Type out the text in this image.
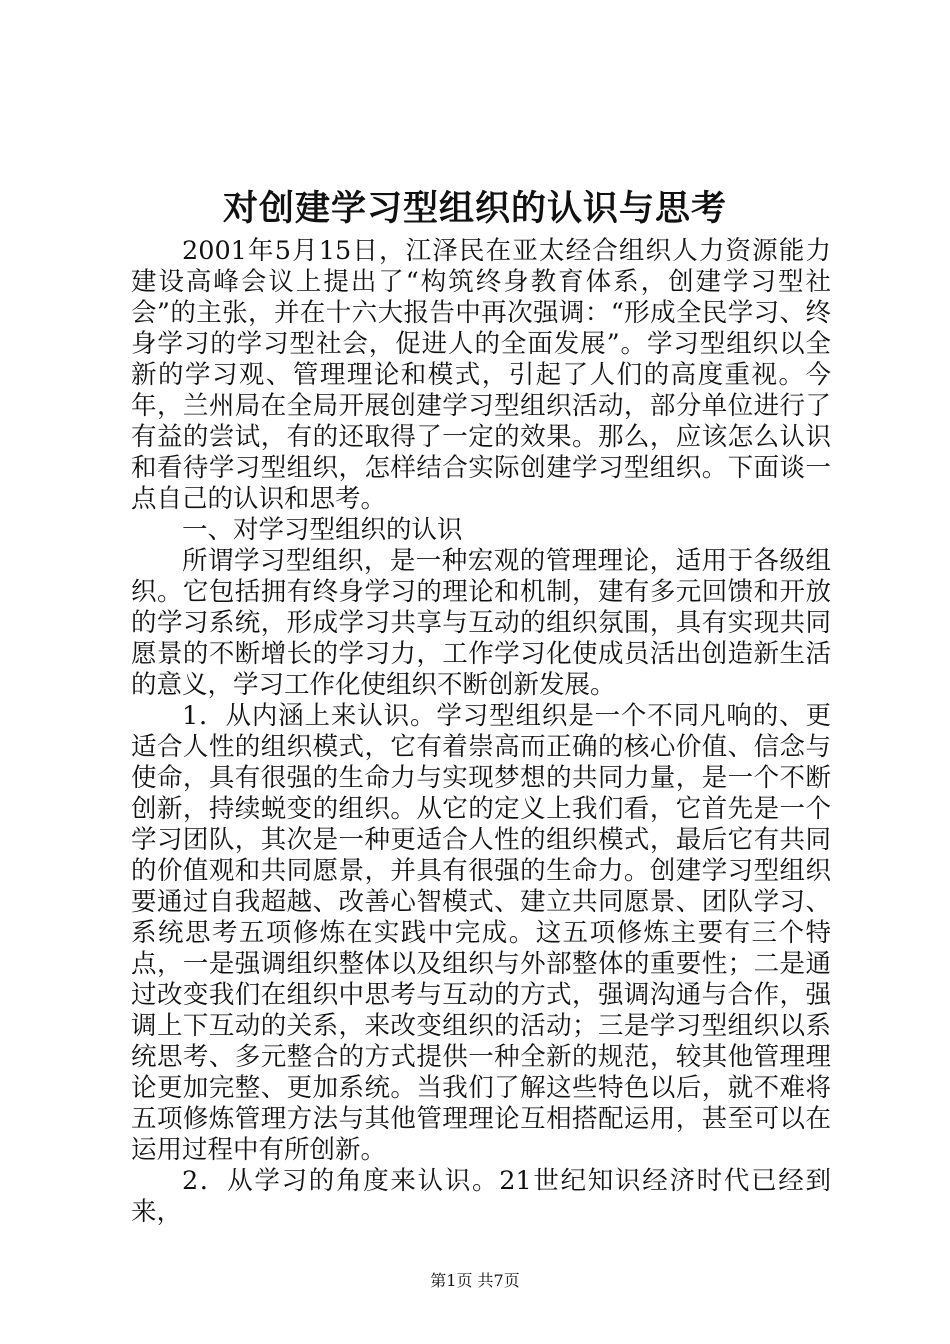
对创建学习型组织的认识与思考

2001年5月15日，江泽民在亚太经合组织人力资源能力建设高峰会议上提出了“构筑终身教育体系，创建学习型社会”的主张，并在十六大报告中再次强调：“形成全民学习、终身学习的学习型社会，促进人的全面发展”。学习型组织以全新的学习观、管理理论和模式，引起了人们的高度重视。今年，兰州局在全局开展创建学习型组织活动，部分单位进行了有益的尝试，有的还取得了一定的效果。那么，应该怎么认识和看待学习型组织，怎样结合实际创建学习型组织。下面谈一点自己的认识和思考。

一、对学习型组织的认识

所谓学习型组织，是一种宏观的管理理论，适用于各级组织。它包括拥有终身学习的理论和机制，建有多元回馈和开放的学习系统，形成学习共享与互动的组织氛围，具有实现共同愿景的不断增长的学习力，工作学习化使成员活出创造新生活的意义，学习工作化使组织不断创新发展。

1．从内涵上来认识。学习型组织是一个不同凡响的、更适合人性的组织模式，它有着崇高而正确的核心价值、信念与使命，具有很强的生命力与实现梦想的共同力量，是一个不断创新，持续蜕变的组织。从它的定义上我们看，它首先是一个学习团队，其次是一种更适合人性的组织模式，最后它有共同的价值观和共同愿景，并具有很强的生命力。创建学习型组织要通过自我超越、改善心智模式、建立共同愿景、团队学习、系统思考五项修炼在实践中完成。这五项修炼主要有三个特点，一是强调组织整体以及组织与外部整体的重要性；二是通过改变我们在组织中思考与互动的方式，强调沟通与合作，强调上下互动的关系，来改变组织的活动；三是学习型组织以系统思考、多元整合的方式提供一种全新的规范，较其他管理理论更加完整、更加系统。当我们了解这些特色以后，就不难将五项修炼管理方法与其他管理理论互相搭配运用，甚至可以在运用过程中有所创新。

2．从学习的角度来认识。21世纪知识经济时代已经到来，

第1页 共7页
